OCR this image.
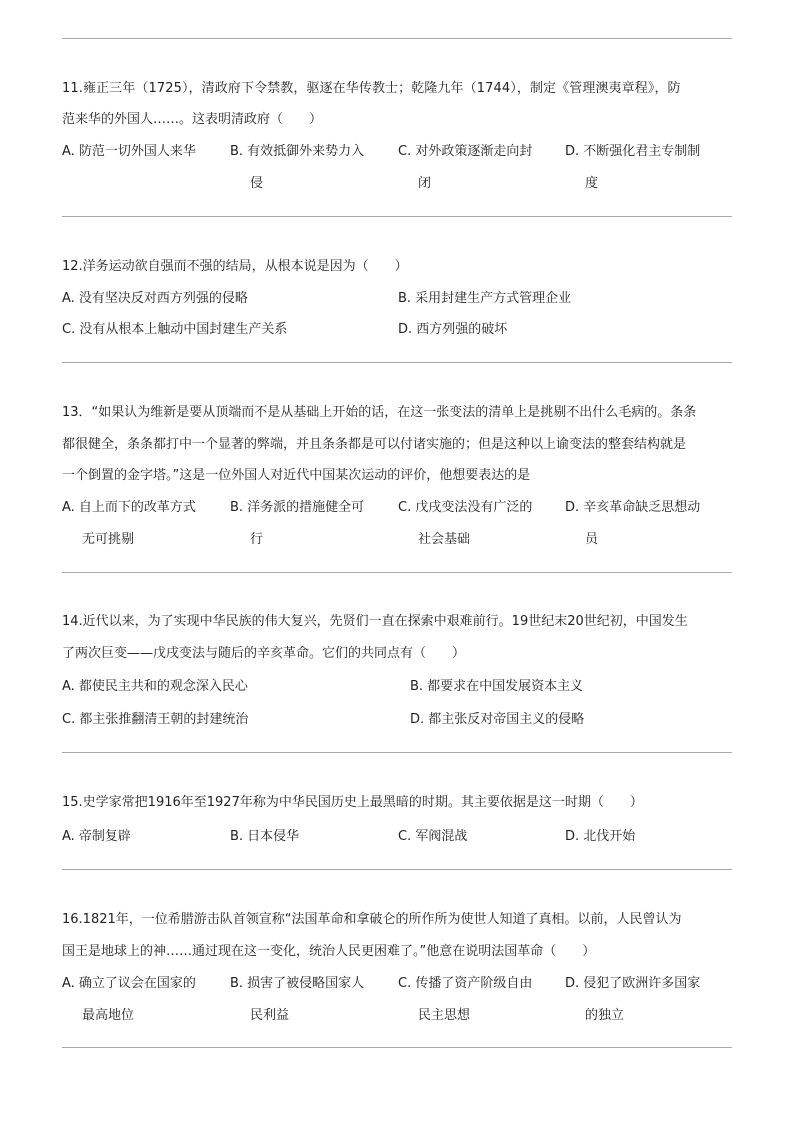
11.雍正三年（1725），清政府下令禁教，驱逐在华传教士；乾隆九年（1744），制定《管理澳夷章程》，防
范来华的外国人……。这表明清政府（　　）
A. 防范一切外国人来华	B. 有效抵御外来势力入
侵
C. 对外政策逐渐走向封
闭
D. 不断强化君主专制制
度
12.洋务运动欲自强而不强的结局，从根本说是因为（　　）
A. 没有坚决反对西方列强的侵略	B. 采用封建生产方式管理企业
C. 没有从根本上触动中国封建生产关系	D. 西方列强的破坏
13．“如果认为维新是要从顶端而不是从基础上开始的话，在这一张变法的清单上是挑剔不出什么毛病的。条条
都很健全，条条都打中一个显著的弊端，并且条条都是可以付诸实施的；但是这种以上谕变法的整套结构就是
一个倒置的金字塔。”这是一位外国人对近代中国某次运动的评价，他想要表达的是
A. 自上而下的改革方式
无可挑剔
B. 洋务派的措施健全可
行
C. 戊戌变法没有广泛的
社会基础
D. 辛亥革命缺乏思想动
员
14.近代以来，为了实现中华民族的伟大复兴，先贤们一直在探索中艰难前行。19世纪末20世纪初，中国发生
了两次巨变——戊戌变法与随后的辛亥革命。它们的共同点有（　　）
A. 都使民主共和的观念深入民心	B. 都要求在中国发展资本主义
C. 都主张推翻清王朝的封建统治	D. 都主张反对帝国主义的侵略
15.史学家常把1916年至1927年称为中华民国历史上最黑暗的时期。其主要依据是这一时期（　　）
A. 帝制复辟	B. 日本侵华	C. 军阀混战	D. 北伐开始
16.1821年，一位希腊游击队首领宣称“法国革命和拿破仑的所作所为使世人知道了真相。以前，人民曾认为
国王是地球上的神……通过现在这一变化，统治人民更困难了。”他意在说明法国革命（　　）
A. 确立了议会在国家的
最高地位
B. 损害了被侵略国家人
民利益
C. 传播了资产阶级自由
民主思想
D. 侵犯了欧洲许多国家
的独立
